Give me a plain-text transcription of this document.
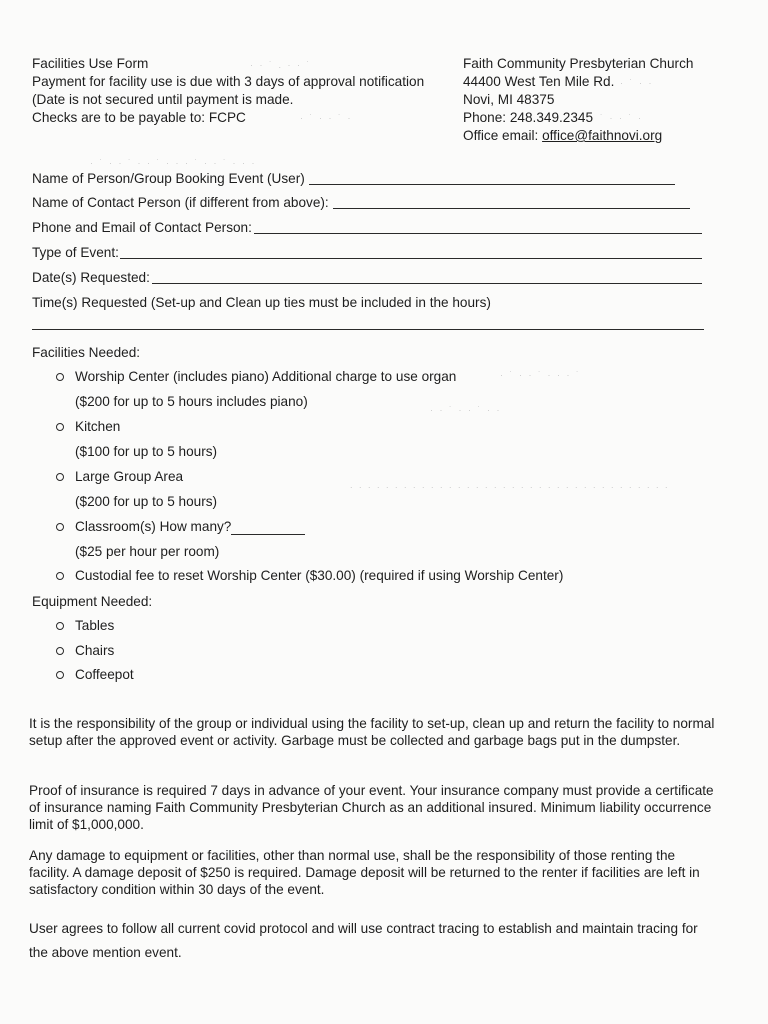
· · ˙ . · · ˙
· ˙ · ·
· ˙ · · ˙ ·	˙ · · ˙ ·
· ˙ · · ˙ · · ˙ · · · ˙ · · ˙ · · ·
· ˙ · · ˙ · · · ˙
· · ˙ · · ˙ · ·
. . . . . . . . . . . . . . . . . . . . . . . . . . . . . . . . . . . .
Facilities Use Form
Payment for facility use is due with 3 days of approval notification
(Date is not secured until payment is made.
Checks are to be payable to: FCPC
Faith Community Presbyterian Church
44400 West Ten Mile Rd.
Novi, MI 48375
Phone: 248.349.2345
Office email: office@faithnovi.org
Name of Person/Group Booking Event (User)
Name of Contact Person (if different from above):
Phone and Email of Contact Person:
Type of Event:
Date(s) Requested:
Time(s) Requested (Set-up and Clean up ties must be included in the hours)
Facilities Needed:
Worship Center (includes piano) Additional charge to use organ
($200 for up to 5 hours includes piano)
Kitchen
($100 for up to 5 hours)
Large Group Area
($200 for up to 5 hours)
Classroom(s) How many?
($25 per hour per room)
Custodial fee to reset Worship Center ($30.00) (required if using Worship Center)
Equipment Needed:
Tables
Chairs
Coffeepot
It is the responsibility of the group or individual using the facility to set-up, clean up and return the facility to normal setup after the approved event or activity. Garbage must be collected and garbage bags put in the dumpster.
Proof of insurance is required 7 days in advance of your event. Your insurance company must provide a certificate of insurance naming Faith Community Presbyterian Church as an additional insured. Minimum liability occurrence limit of $1,000,000.
Any damage to equipment or facilities, other than normal use, shall be the responsibility of those renting the facility. A damage deposit of $250 is required. Damage deposit will be returned to the renter if facilities are left in satisfactory condition within 30 days of the event.
User agrees to follow all current covid protocol and will use contract tracing to establish and maintain tracing for the above mention event.
